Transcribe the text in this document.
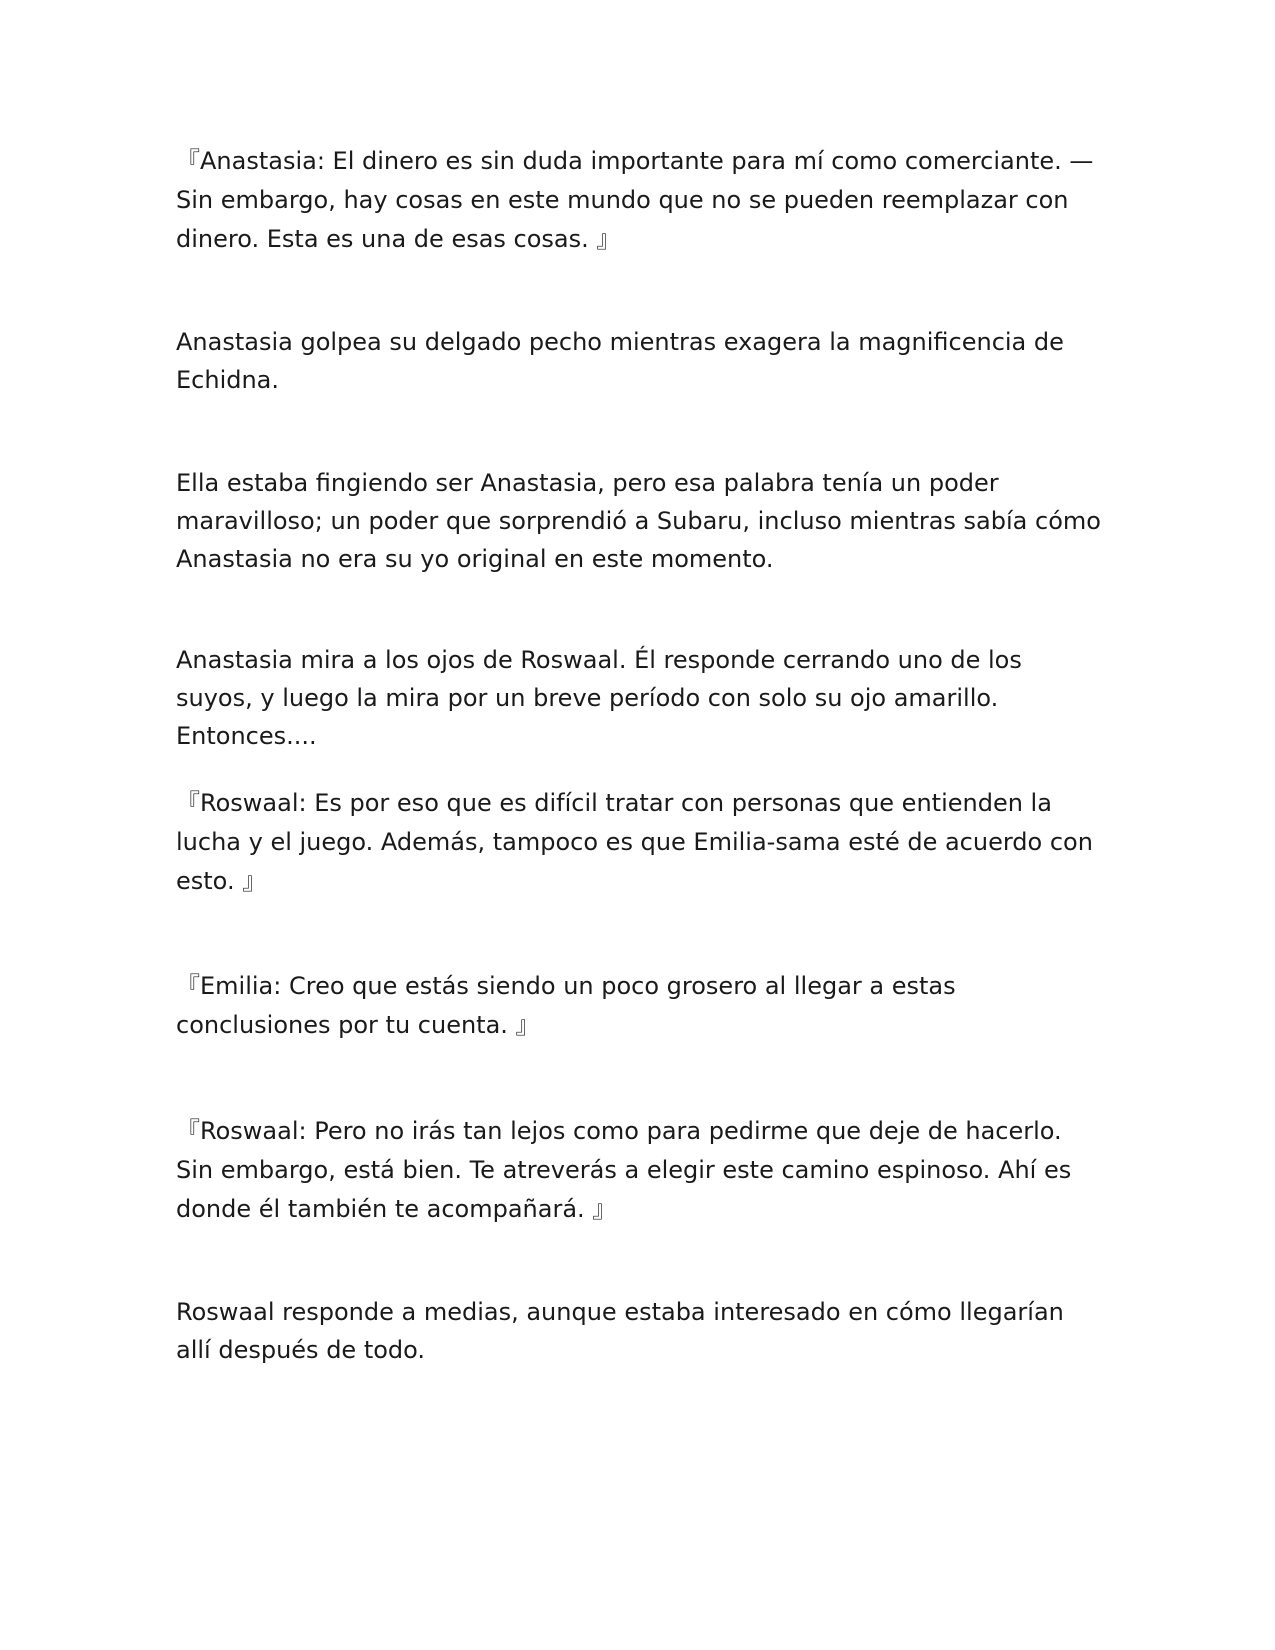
『Anastasia: El dinero es sin duda importante para mí como comerciante. — Sin embargo, hay cosas en este mundo que no se pueden reemplazar con dinero. Esta es una de esas cosas. 』

Anastasia golpea su delgado pecho mientras exagera la magnificencia de Echidna.

Ella estaba fingiendo ser Anastasia, pero esa palabra tenía un poder maravilloso; un poder que sorprendió a Subaru, incluso mientras sabía cómo Anastasia no era su yo original en este momento.

Anastasia mira a los ojos de Roswaal. Él responde cerrando uno de los suyos, y luego la mira por un breve período con solo su ojo amarillo. Entonces....

『Roswaal: Es por eso que es difícil tratar con personas que entienden la lucha y el juego. Además, tampoco es que Emilia-sama esté de acuerdo con esto. 』

『Emilia: Creo que estás siendo un poco grosero al llegar a estas conclusiones por tu cuenta. 』

『Roswaal: Pero no irás tan lejos como para pedirme que deje de hacerlo. Sin embargo, está bien. Te atreverás a elegir este camino espinoso. Ahí es donde él también te acompañará. 』

Roswaal responde a medias, aunque estaba interesado en cómo llegarían allí después de todo.
